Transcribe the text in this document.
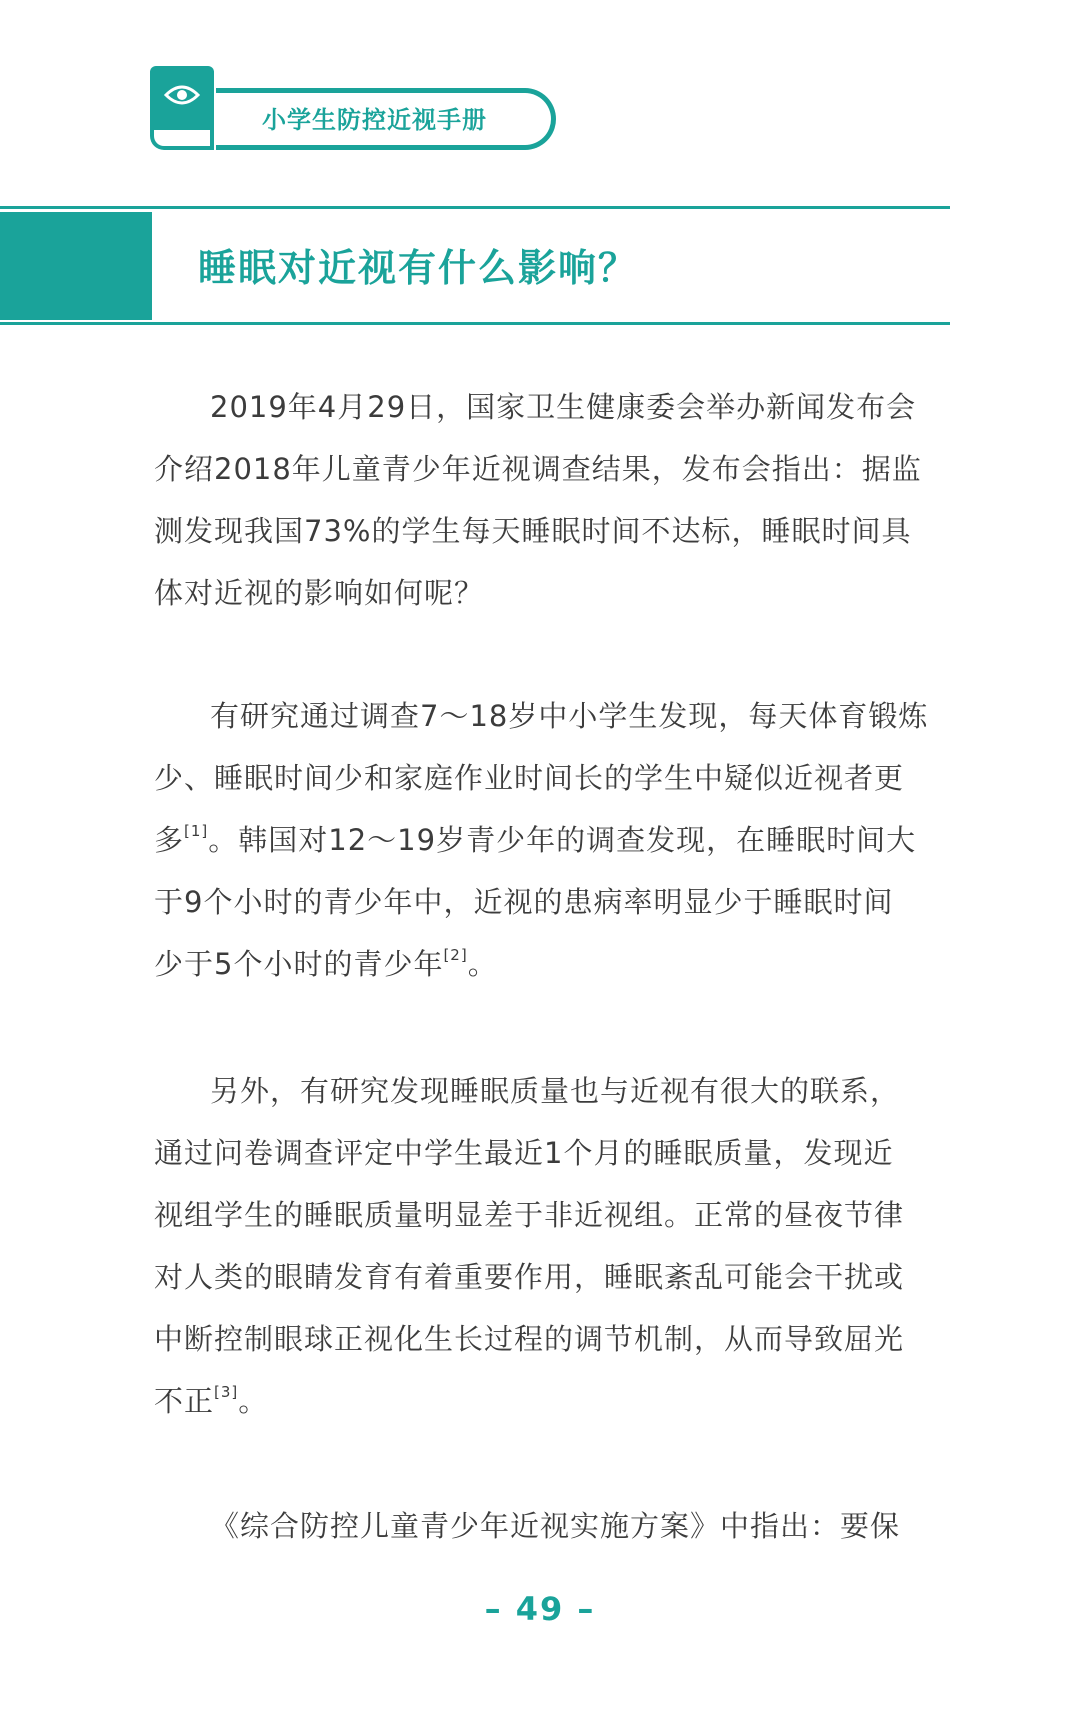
小学生防控近视手册
睡眠对近视有什么影响？
2019年4月29日，国家卫生健康委会举办新闻发布会
介绍2018年儿童青少年近视调查结果，发布会指出：据监
测发现我国73%的学生每天睡眠时间不达标，睡眠时间具
体对近视的影响如何呢？
有研究通过调查7～18岁中小学生发现，每天体育锻炼
少、睡眠时间少和家庭作业时间长的学生中疑似近视者更
多[1]。韩国对12～19岁青少年的调查发现，在睡眠时间大
于9个小时的青少年中，近视的患病率明显少于睡眠时间
少于5个小时的青少年[2]。
另外，有研究发现睡眠质量也与近视有很大的联系，
通过问卷调查评定中学生最近1个月的睡眠质量，发现近
视组学生的睡眠质量明显差于非近视组。正常的昼夜节律
对人类的眼睛发育有着重要作用，睡眠紊乱可能会干扰或
中断控制眼球正视化生长过程的调节机制，从而导致屈光
不正[3]。
《综合防控儿童青少年近视实施方案》中指出：要保
– 49 –
